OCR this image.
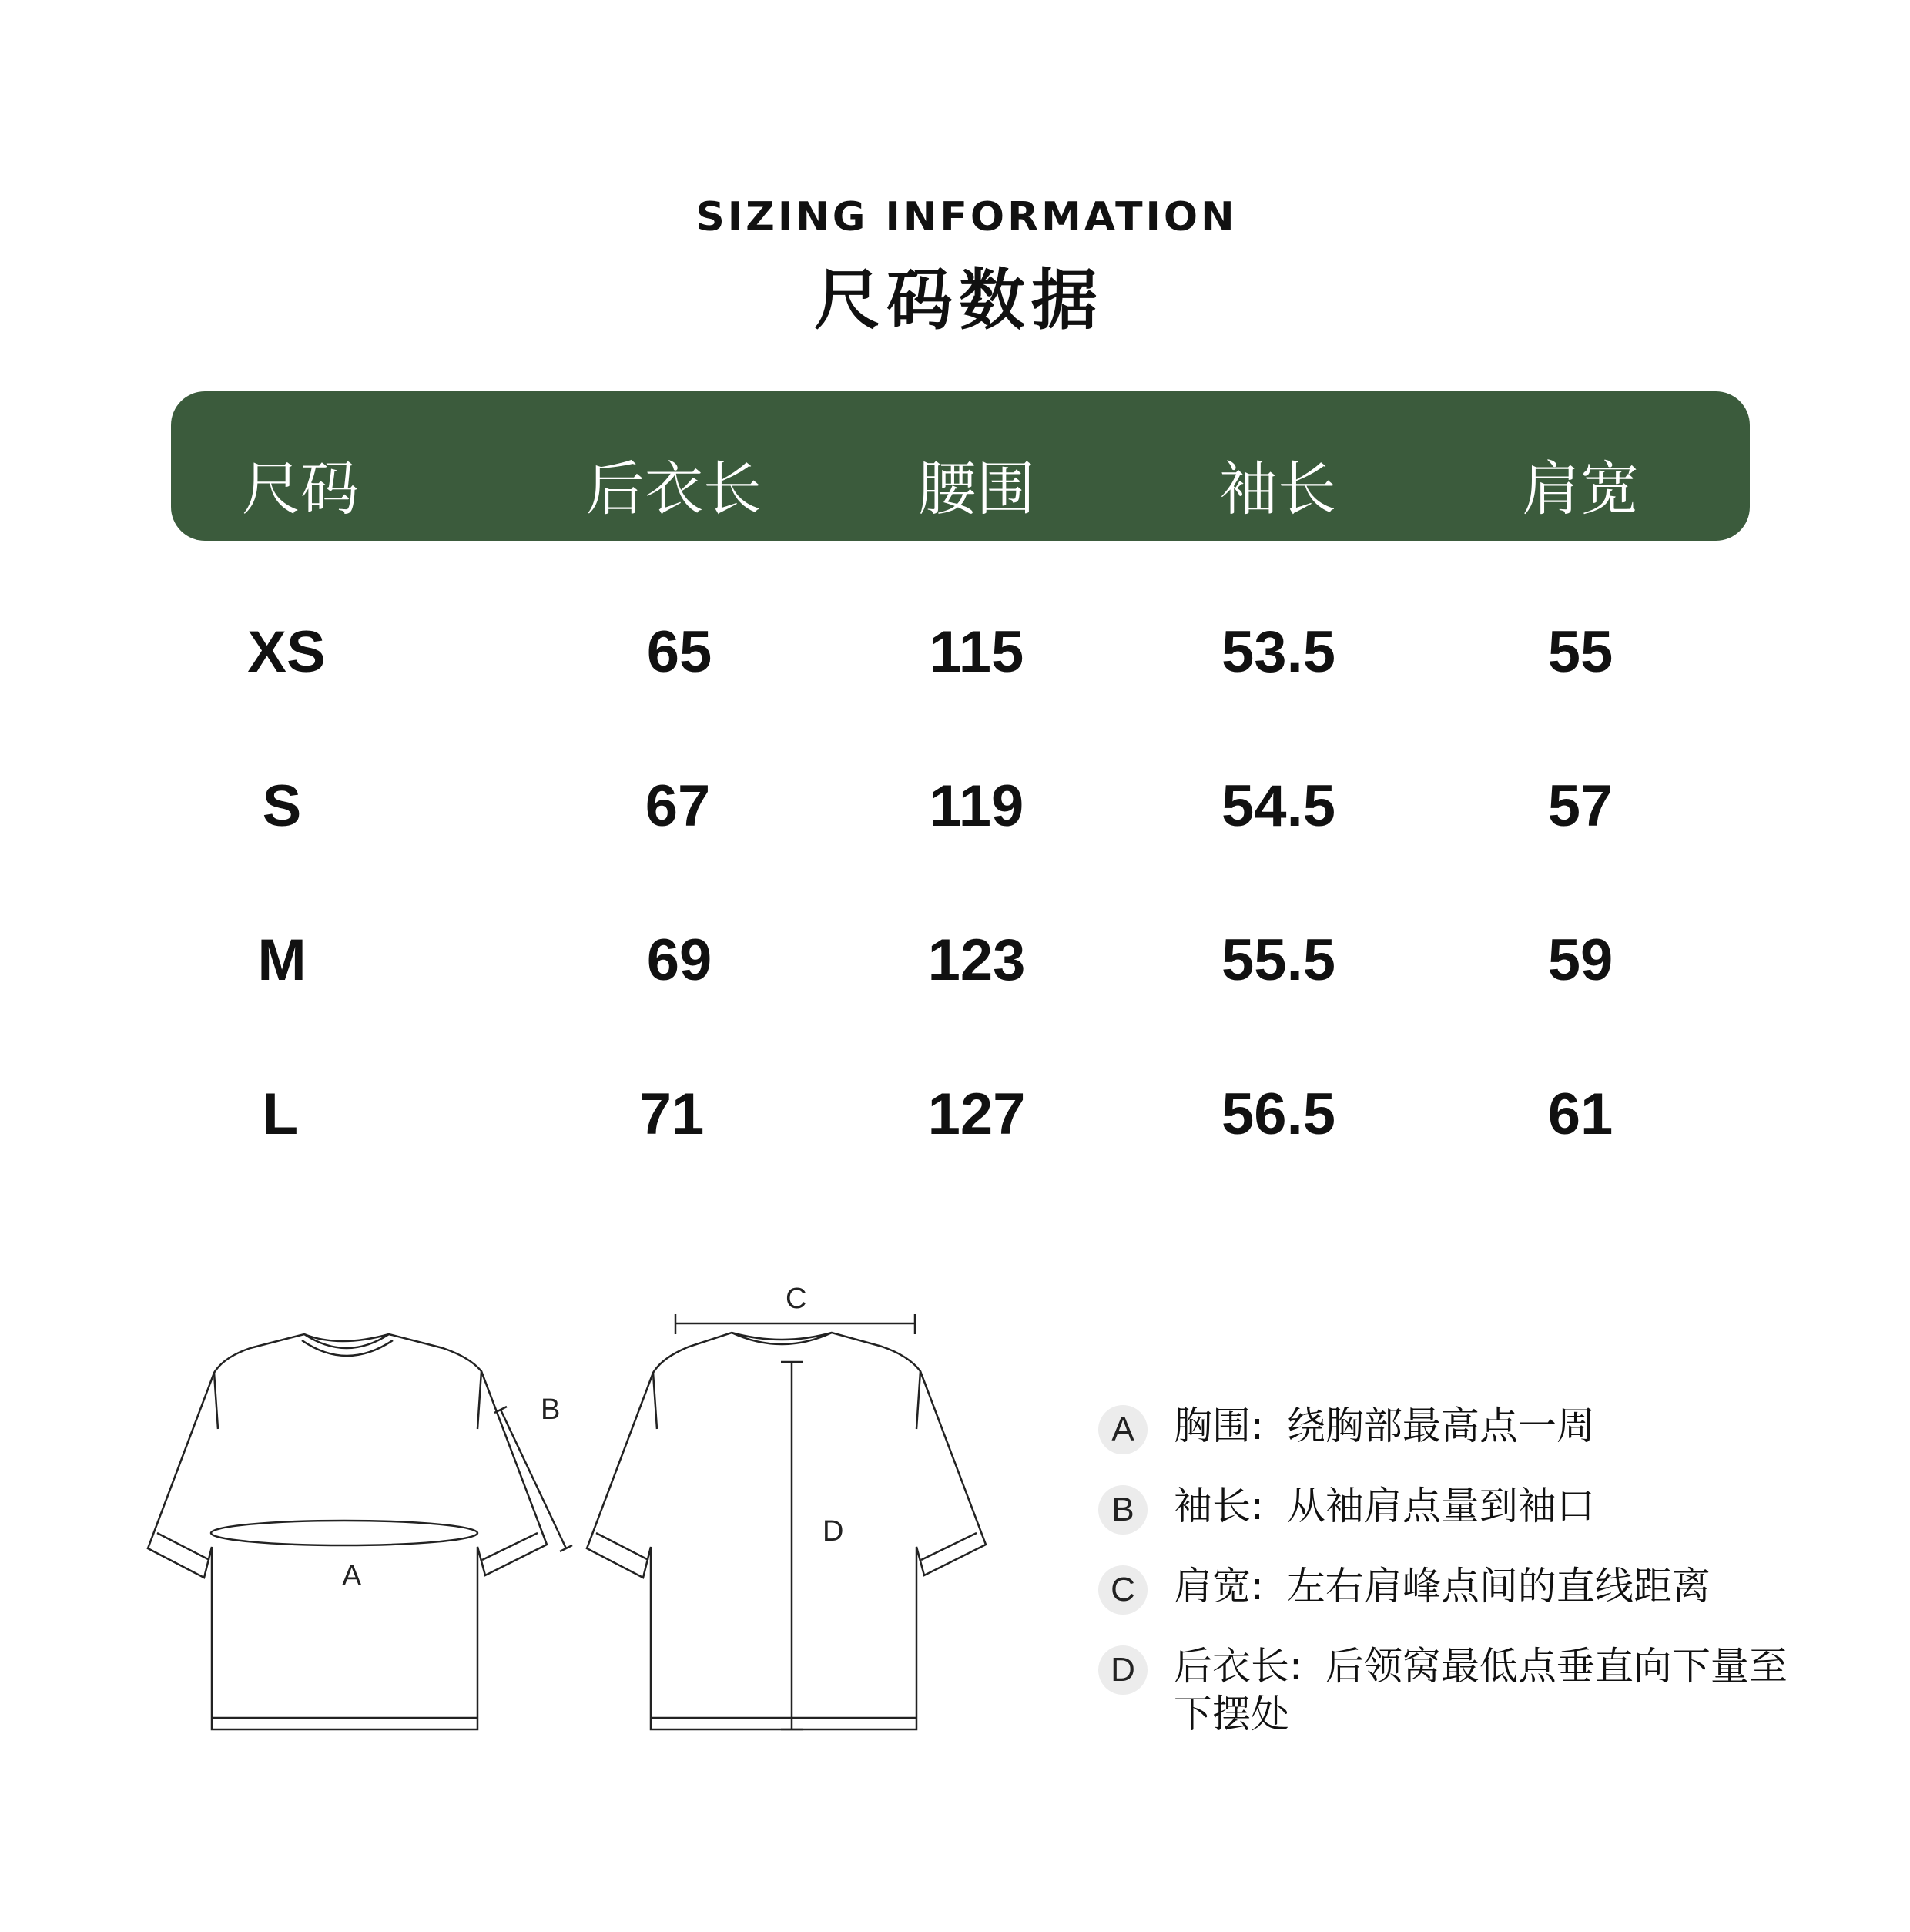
SIZING INFORMATION
尺码数据
尺码	后衣长	腰围	袖长	肩宽
XS	65	115	53.5	55
S	67	119	54.5	57
M	69	123	55.5	59
L	71	127	56.5	61
A
B
C
D
A	胸围: 绕胸部最高点一周
B	袖长: 从袖肩点量到袖口
C	肩宽: 左右肩峰点间的直线距离
D	后衣长: 后领窝最低点垂直向下量至下摆处
